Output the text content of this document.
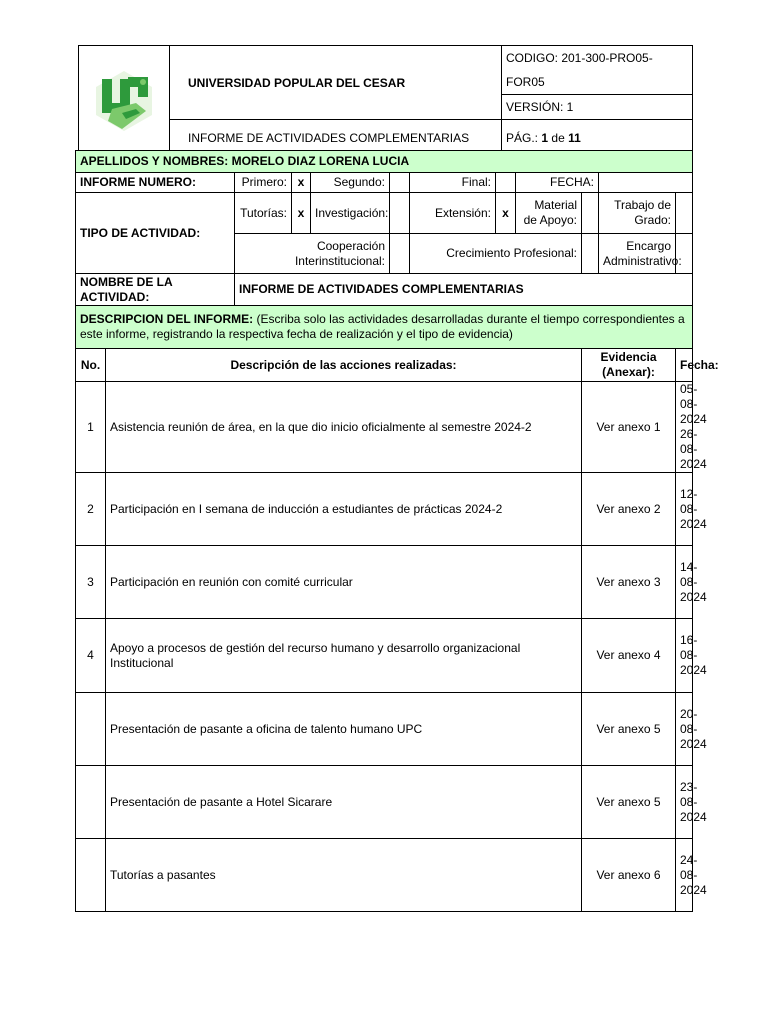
	UNIVERSIDAD POPULAR DEL CESAR	CODIGO: 201-300-PRO05-FOR05
VERSIÓN: 1

	INFORME DE ACTIVIDADES COMPLEMENTARIAS	PÁG.: 1 de 11
APELLIDOS Y NOMBRES: MORELO DIAZ LORENA LUCIA											
INFORME NUMERO:		Primero:	x	Segundo:		Final:		FECHA:			
TIPO DE ACTIVIDAD:		Tutorías:	x	Investigación:		Extensión:	x	Material de Apoyo:		Trabajo de Grado:	
		Cooperación Interinstitucional:				Crecimiento Profesional:				Encargo Administrativo:	
NOMBRE DE LA ACTIVIDAD:		INFORME DE ACTIVIDADES COMPLEMENTARIAS									
DESCRIPCION DEL INFORME: (Escriba solo las actividades desarrolladas durante el tiempo correspondientes a este informe, registrando la respectiva fecha de realización y el tipo de evidencia)											
No.	Descripción de las acciones realizadas:								Evidencia (Anexar):		Fecha:
1	Asistencia reunión de área, en la que dio inicio oficialmente al semestre 2024-2								Ver anexo 1		05-08-2024
26-08-2024
2	Participación en I semana de inducción a estudiantes de prácticas 2024-2								Ver anexo 2		12-08-2024
3	Participación en reunión con comité curricular								Ver anexo 3		14-08-2024
4	Apoyo a procesos de gestión del recurso humano y desarrollo organizacional Institucional								Ver anexo 4		16-08-2024
	Presentación de pasante a oficina de talento humano UPC								Ver anexo 5		20-08-2024
	Presentación de pasante a Hotel Sicarare								Ver anexo 5		23-08-2024
	Tutorías a pasantes								Ver anexo 6		24-08-2024
